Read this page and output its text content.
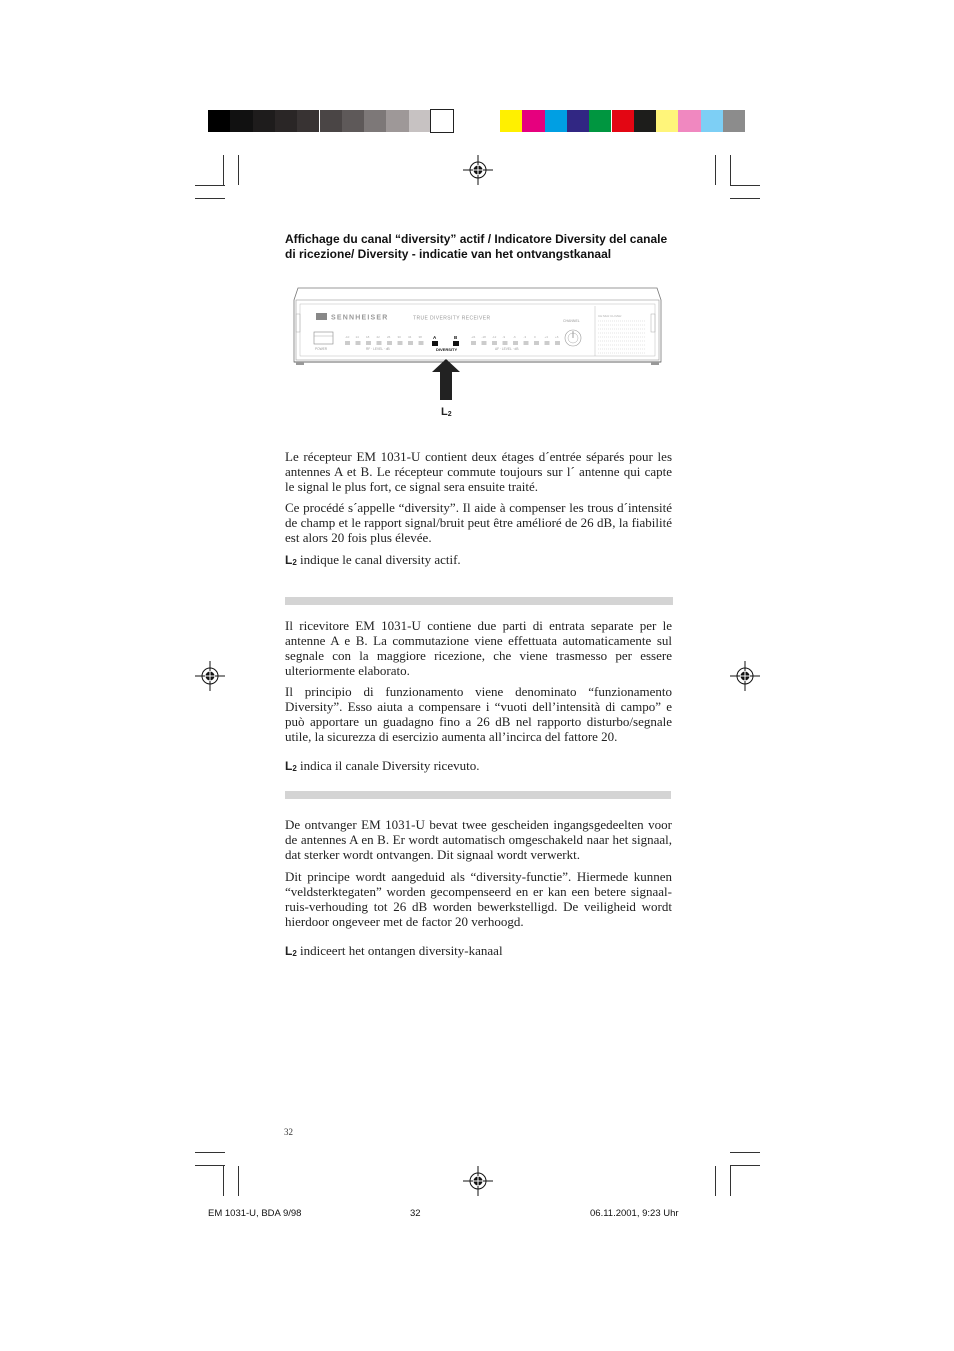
Affichage du canal “diversity” actif / Indicatore Diversity del canale
di ricezione/ Diversity - indicatie van het ontvangstkanaal
SENNHEISER	TRUE DIVERSITY RECEIVER
POWER
-10 14 18 22 26 30 34 38
RF · LEVEL · dB
A	B
DIVERSITY
-24 -18 -12 -9	-6	-3	0	+3 +6
AF · LEVEL · dB
CHANNEL
CH MHz CH MHz
L2
Le récepteur EM 1031-U contient deux étages d´entrée séparés pour les antennes A et B. Le récepteur commute toujours sur l´ antenne qui capte le signal le plus fort, ce signal sera ensuite traité.
Ce procédé s´appelle “diversity”. Il aide à compenser les trous d´intensité de champ et le rapport signal/bruit peut être amélioré de 26 dB, la fiabilité est alors 20 fois plus élevée.
$L_2$ indique le canal diversity actif.
Il ricevitore EM 1031-U contiene due parti di entrata separate per le antenne A e B. La commutazione viene effettuata automaticamente sul segnale con la maggiore ricezione, che viene trasmesso per essere ulteriormente elaborato.
Il principio di funzionamento viene denominato “funzionamento Diversity”. Esso aiuta a compensare i “vuoti dell’intensità di campo” e può apportare un guadagno fino a 26 dB nel rapporto disturbo/segnale utile, la sicurezza di esercizio aumenta all’incirca del fattore 20.
$L_2$ indica il canale Diversity ricevuto.
De ontvanger EM 1031-U bevat twee gescheiden ingangsgedeelten voor de antennes A en B. Er wordt automatisch omgeschakeld naar het signaal, dat sterker wordt ontvangen. Dit signaal wordt verwerkt.
Dit principe wordt aangeduid als “diversity-functie”. Hiermede kunnen “veldsterktegaten” worden gecompenseerd en er kan een betere signaal-ruis-verhouding tot 26 dB worden bewerkstelligd. De veiligheid wordt hierdoor ongeveer met de factor 20 verhoogd.
$L_2$ indiceert het ontangen diversity-kanaal
32
EM 1031-U, BDA 9/98	32	06.11.2001, 9:23 Uhr
